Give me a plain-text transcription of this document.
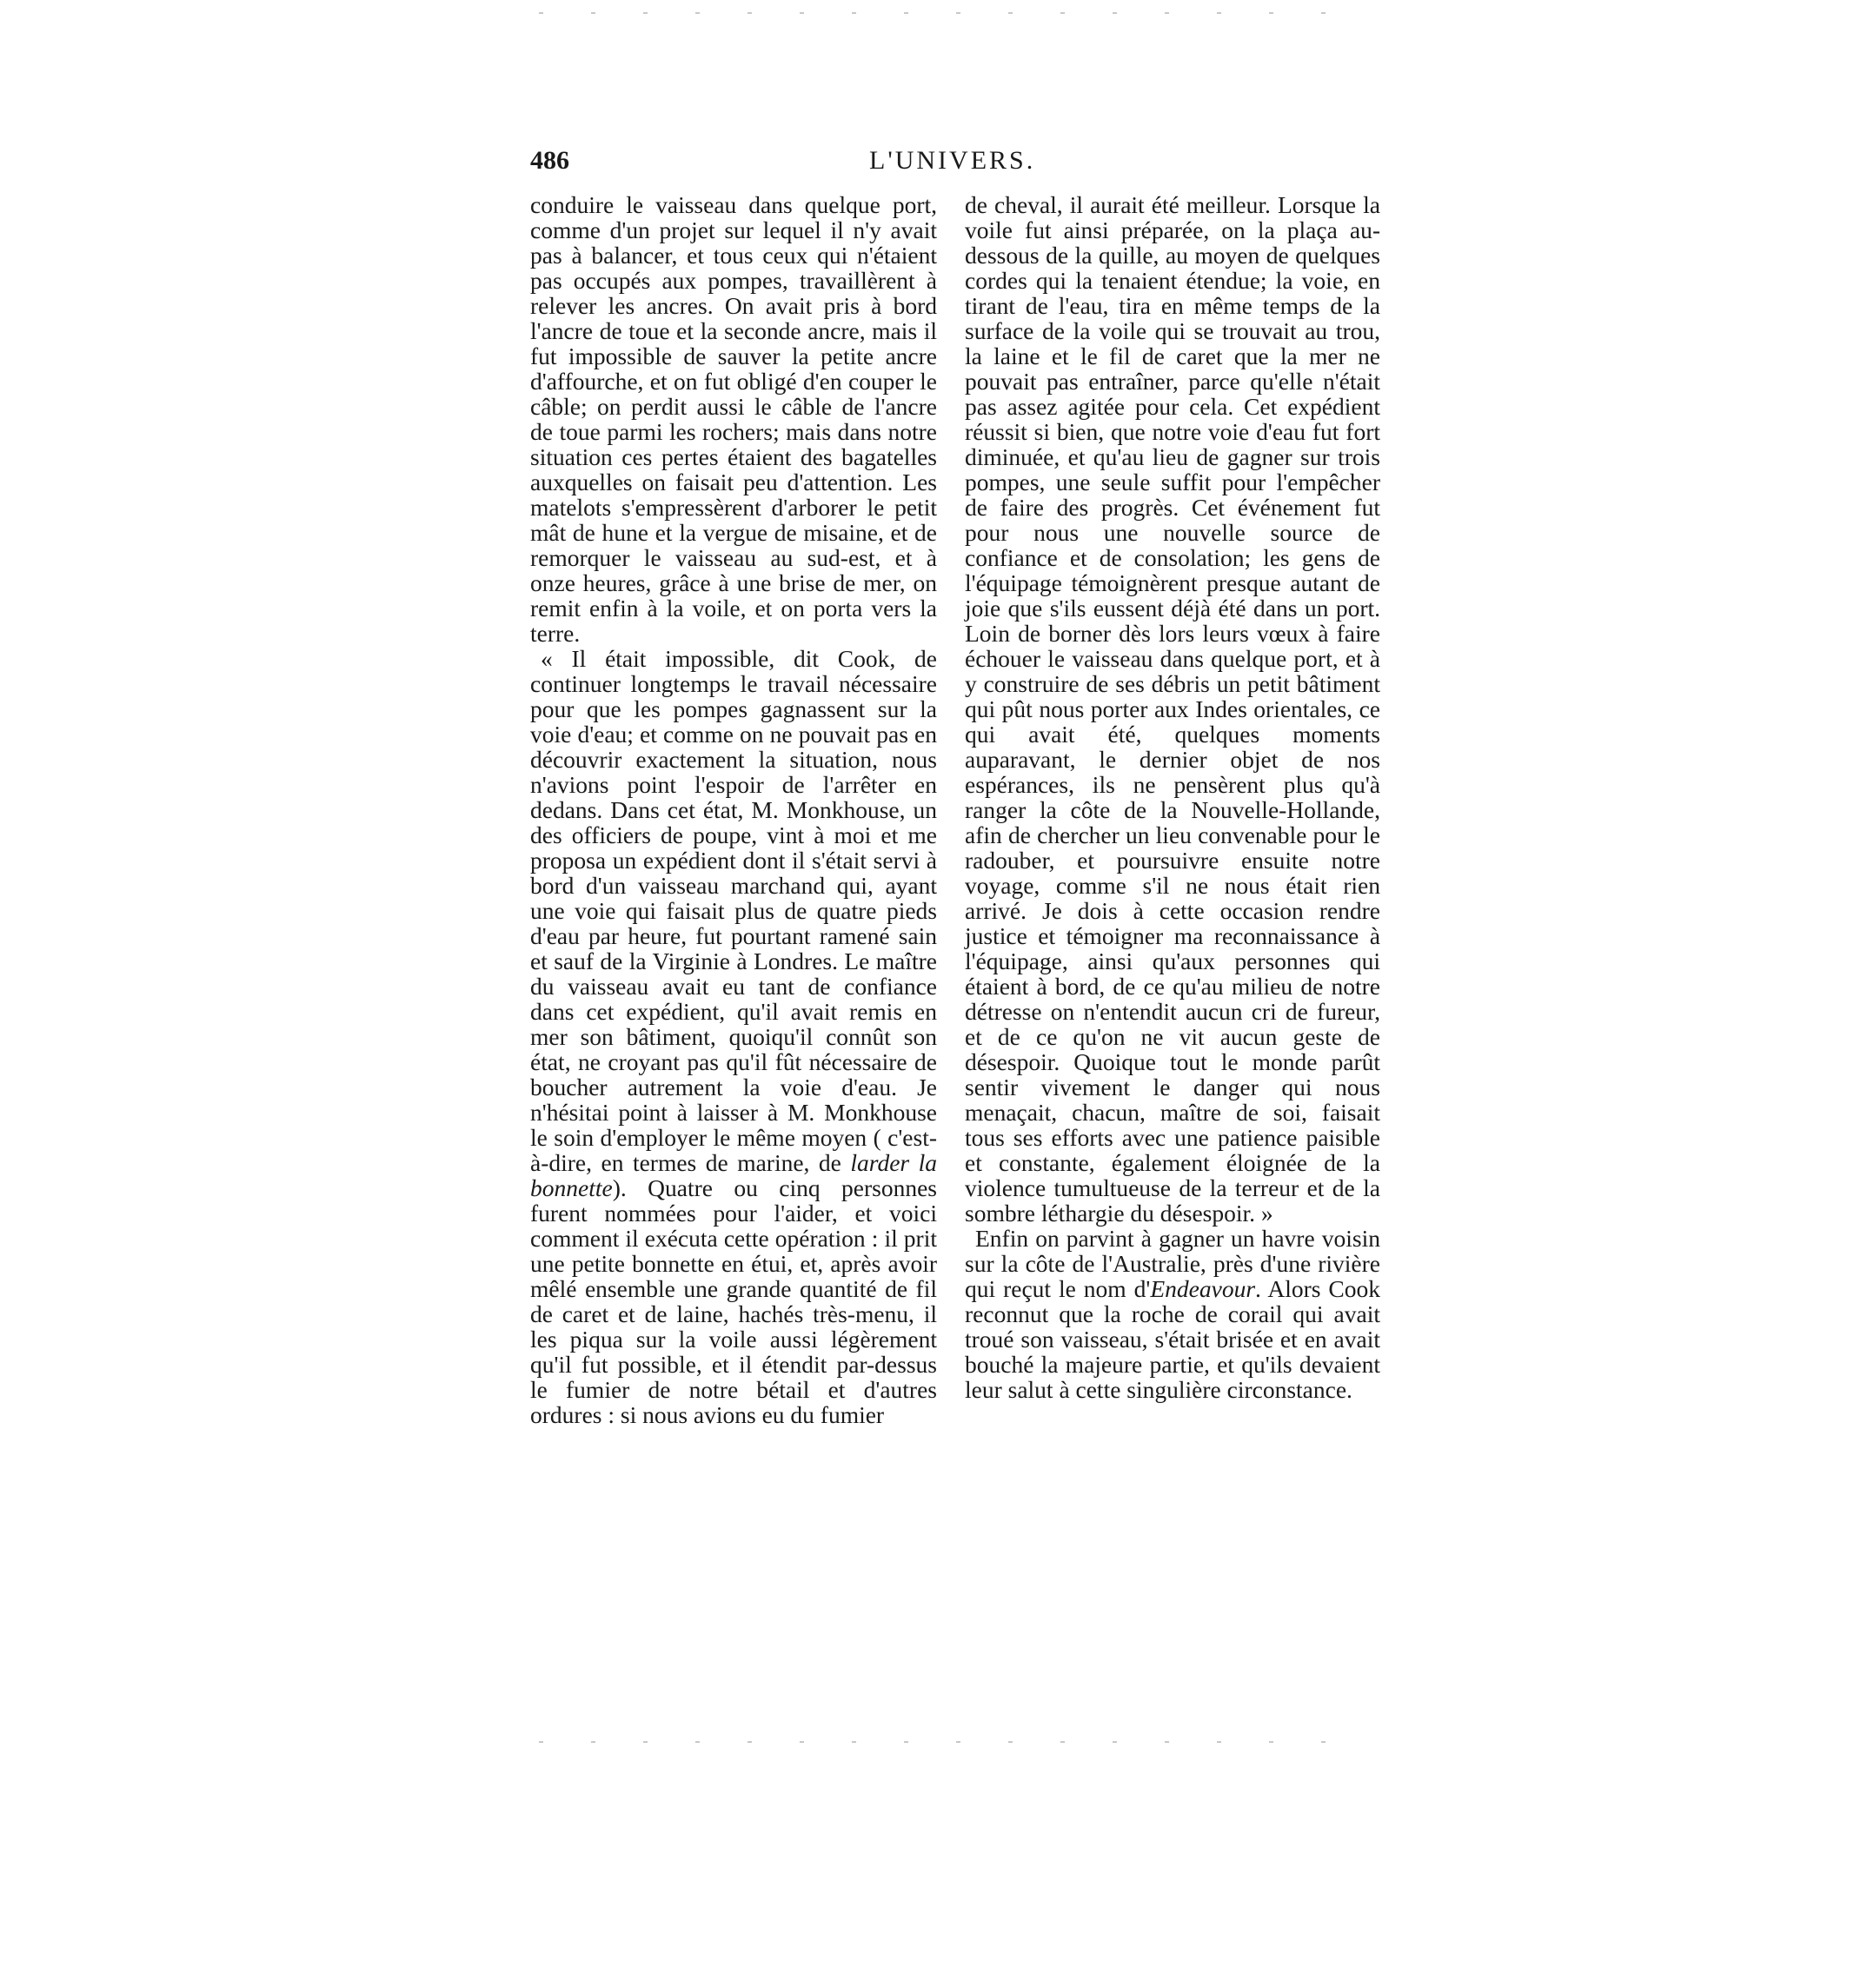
486	L'UNIVERS.

conduire le vaisseau dans quelque port, comme d'un projet sur lequel il n'y avait pas à balancer, et tous ceux qui n'étaient pas occupés aux pompes, travaillèrent à relever les ancres. On avait pris à bord l'ancre de toue et la seconde ancre, mais il fut impossible de sauver la petite ancre d'affourche, et on fut obligé d'en couper le câble; on perdit aussi le câble de l'ancre de toue parmi les rochers; mais dans notre situation ces pertes étaient des bagatelles auxquelles on faisait peu d'attention. Les matelots s'empressèrent d'arborer le petit mât de hune et la vergue de misaine, et de remorquer le vaisseau au sud-est, et à onze heures, grâce à une brise de mer, on remit enfin à la voile, et on porta vers la terre.

« Il était impossible, dit Cook, de continuer longtemps le travail nécessaire pour que les pompes gagnassent sur la voie d'eau; et comme on ne pouvait pas en découvrir exactement la situation, nous n'avions point l'espoir de l'arrêter en dedans. Dans cet état, M. Monkhouse, un des officiers de poupe, vint à moi et me proposa un expédient dont il s'était servi à bord d'un vaisseau marchand qui, ayant une voie qui faisait plus de quatre pieds d'eau par heure, fut pourtant ramené sain et sauf de la Virginie à Londres. Le maître du vaisseau avait eu tant de confiance dans cet expédient, qu'il avait remis en mer son bâtiment, quoiqu'il connût son état, ne croyant pas qu'il fût nécessaire de boucher autrement la voie d'eau. Je n'hésitai point à laisser à M. Monkhouse le soin d'employer le même moyen ( c'est-à-dire, en termes de marine, de larder la bonnette). Quatre ou cinq personnes furent nommées pour l'aider, et voici comment il exécuta cette opération : il prit une petite bonnette en étui, et, après avoir mêlé ensemble une grande quantité de fil de caret et de laine, hachés très-menu, il les piqua sur la voile aussi légèrement qu'il fut possible, et il étendit par-dessus le fumier de notre bétail et d'autres ordures : si nous avions eu du fumier

de cheval, il aurait été meilleur. Lorsque la voile fut ainsi préparée, on la plaça au-dessous de la quille, au moyen de quelques cordes qui la tenaient étendue; la voie, en tirant de l'eau, tira en même temps de la surface de la voile qui se trouvait au trou, la laine et le fil de caret que la mer ne pouvait pas entraîner, parce qu'elle n'était pas assez agitée pour cela. Cet expédient réussit si bien, que notre voie d'eau fut fort diminuée, et qu'au lieu de gagner sur trois pompes, une seule suffit pour l'empêcher de faire des progrès. Cet événement fut pour nous une nouvelle source de confiance et de consolation; les gens de l'équipage témoignèrent presque autant de joie que s'ils eussent déjà été dans un port. Loin de borner dès lors leurs vœux à faire échouer le vaisseau dans quelque port, et à y construire de ses débris un petit bâtiment qui pût nous porter aux Indes orientales, ce qui avait été, quelques moments auparavant, le dernier objet de nos espérances, ils ne pensèrent plus qu'à ranger la côte de la Nouvelle-Hollande, afin de chercher un lieu convenable pour le radouber, et poursuivre ensuite notre voyage, comme s'il ne nous était rien arrivé. Je dois à cette occasion rendre justice et témoigner ma reconnaissance à l'équipage, ainsi qu'aux personnes qui étaient à bord, de ce qu'au milieu de notre détresse on n'entendit aucun cri de fureur, et de ce qu'on ne vit aucun geste de désespoir. Quoique tout le monde parût sentir vivement le danger qui nous menaçait, chacun, maître de soi, faisait tous ses efforts avec une patience paisible et constante, également éloignée de la violence tumultueuse de la terreur et de la sombre léthargie du désespoir. »

Enfin on parvint à gagner un havre voisin sur la côte de l'Australie, près d'une rivière qui reçut le nom d'Endeavour. Alors Cook reconnut que la roche de corail qui avait troué son vaisseau, s'était brisée et en avait bouché la majeure partie, et qu'ils devaient leur salut à cette singulière circonstance.
